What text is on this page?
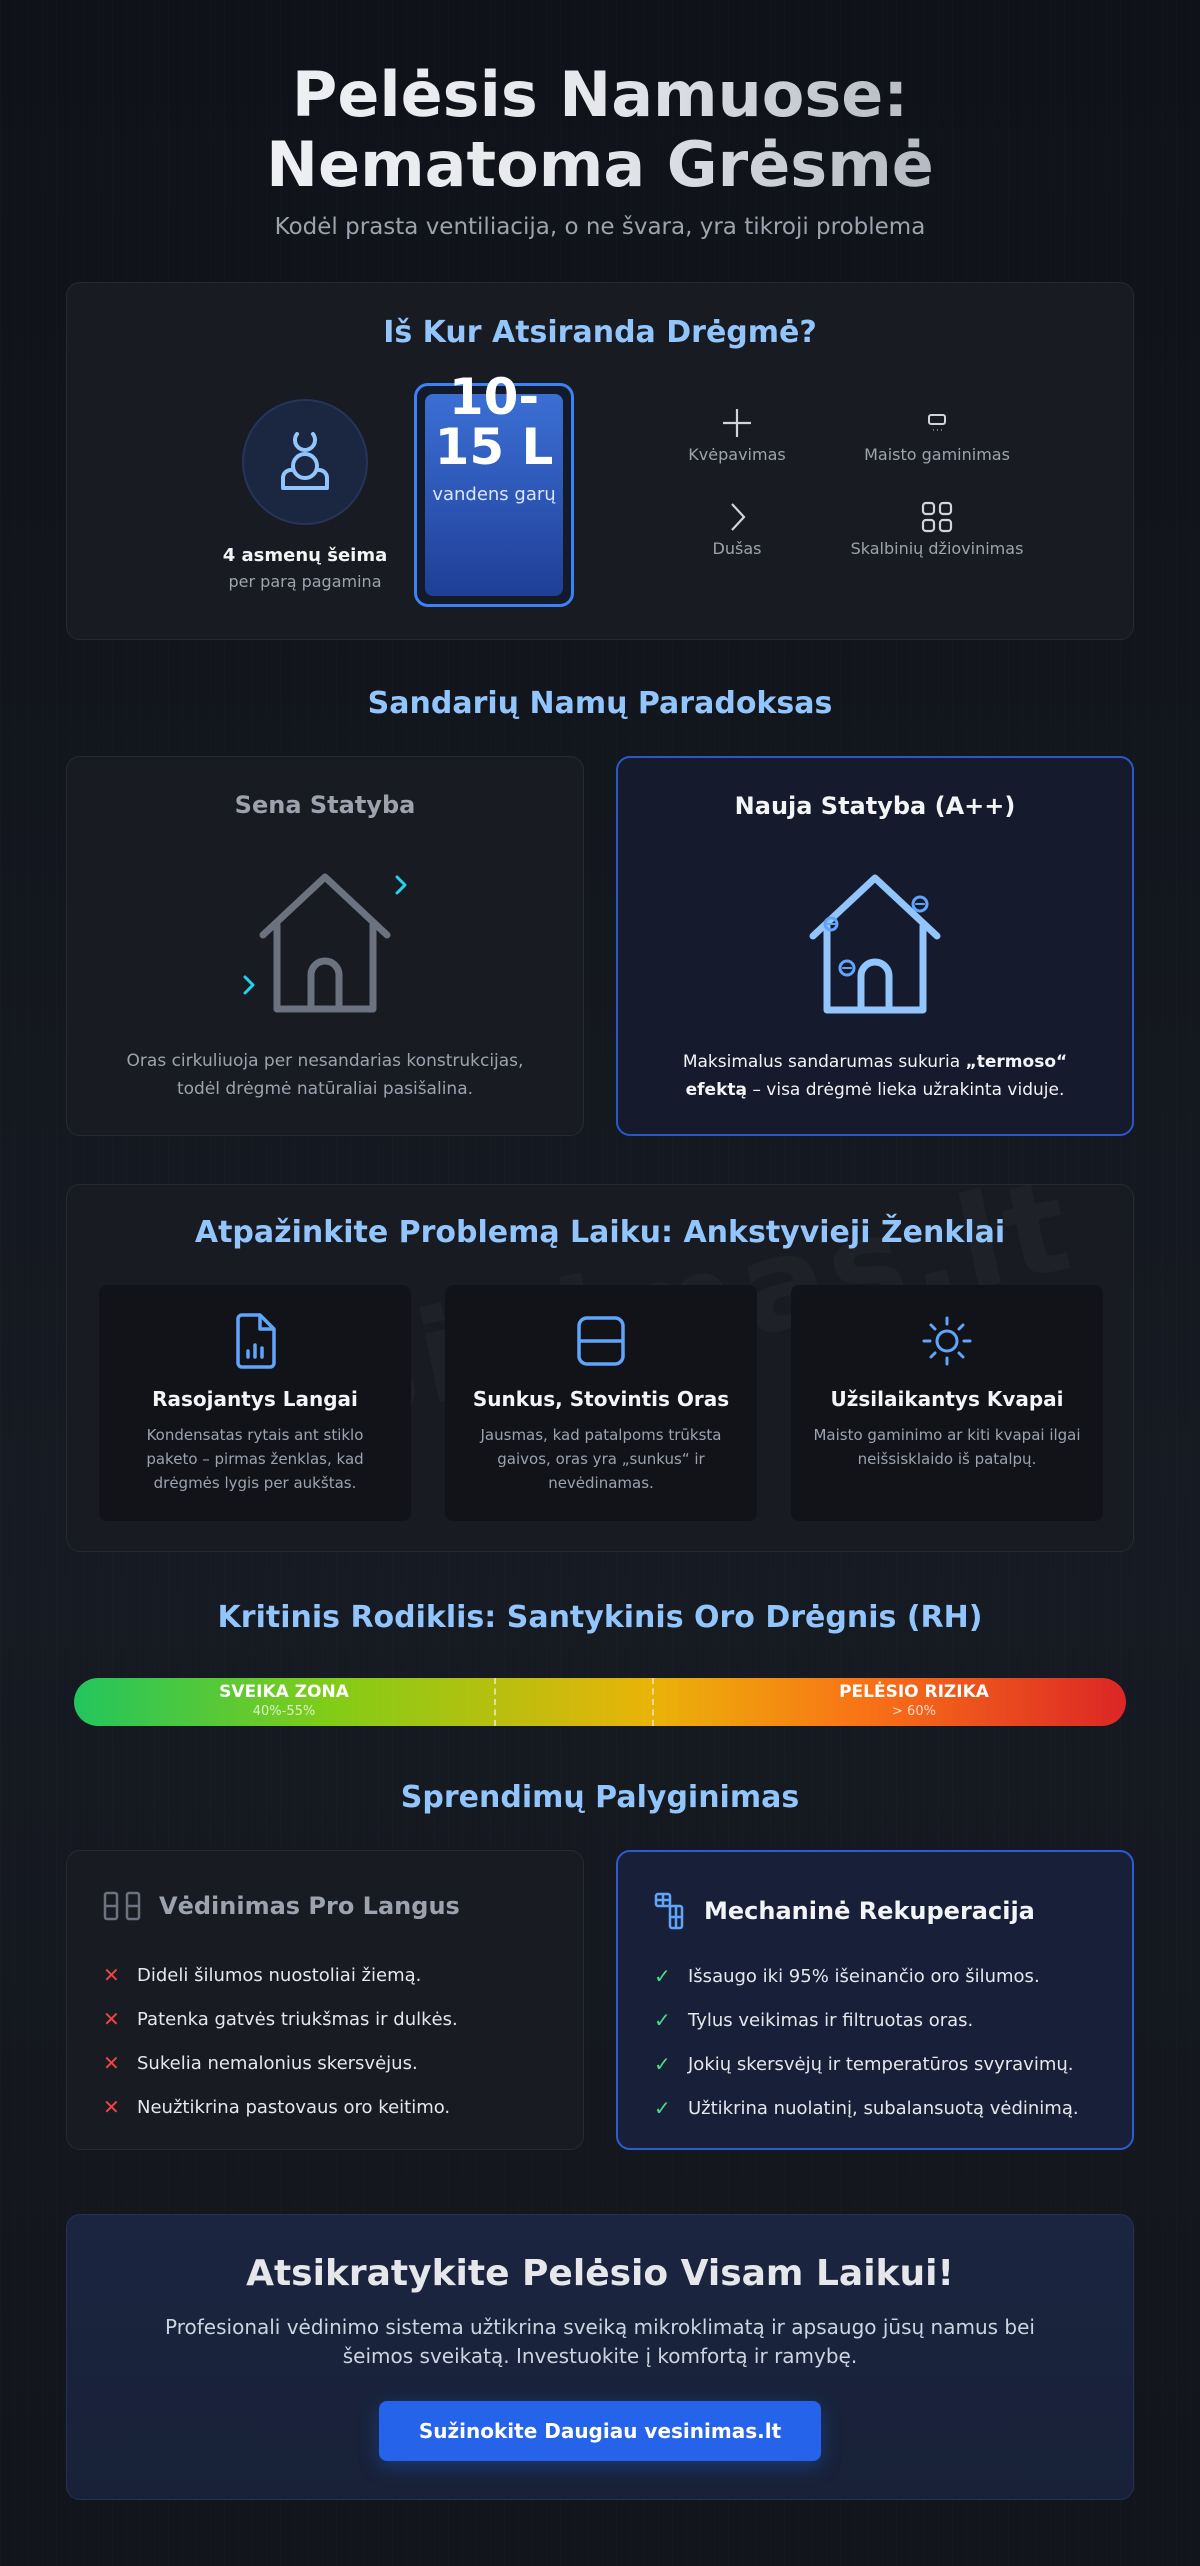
Pelėsis Namuose: Nematoma Grėsmė

Kodėl prasta ventiliacija, o ne švara, yra tikroji problema

Iš Kur Atsiranda Drėgmė?
4 asmenų šeima
per parą pagamina
10-15 L
vandens garų
Kvėpavimas	Maisto gaminimas
Dušas	Skalbinių džiovinimas
Sandarių Namų Paradoksas
Sena Statyba

Oras cirkuliuoja per nesandarias konstrukcijas, todėl drėgmė natūraliai pasišalina.

Nauja Statyba (A++)

Maksimalus sandarumas sukuria „termoso“ efektą – visa drėgmė lieka užrakinta viduje.

Atpažinkite Problemą Laiku: Ankstyvieji Ženklai
Rasojantys Langai

Kondensatas rytais ant stiklo paketo – pirmas ženklas, kad drėgmės lygis per aukštas.

Sunkus, Stovintis Oras

Jausmas, kad patalpoms trūksta gaivos, oras yra „sunkus“ ir nevėdinamas.

Užsilaikantys Kvapai

Maisto gaminimo ar kiti kvapai ilgai neišsisklaido iš patalpų.

Kritinis Rodiklis: Santykinis Oro Drėgnis (RH)
SVEIKA ZONA
40%-55%
PELĖSIO RIZIKA
> 60%
Sprendimų Palyginimas
Vėdinimas Pro Langus
✕ Dideli šilumos nuostoliai žiemą.
✕ Patenka gatvės triukšmas ir dulkės.
✕ Sukelia nemalonius skersvėjus.
✕ Neužtikrina pastovaus oro keitimo.
Mechaninė Rekuperacija
✓ Išsaugo iki 95% išeinančio oro šilumos.
✓ Tylus veikimas ir filtruotas oras.
✓ Jokių skersvėjų ir temperatūros svyravimų.
✓ Užtikrina nuolatinį, subalansuotą vėdinimą.
Atsikratykite Pelėsio Visam Laikui!

Profesionali vėdinimo sistema užtikrina sveiką mikroklimatą ir apsaugo jūsų namus bei šeimos sveikatą. Investuokite į komfortą ir ramybę.

Sužinokite Daugiau vesinimas.lt
